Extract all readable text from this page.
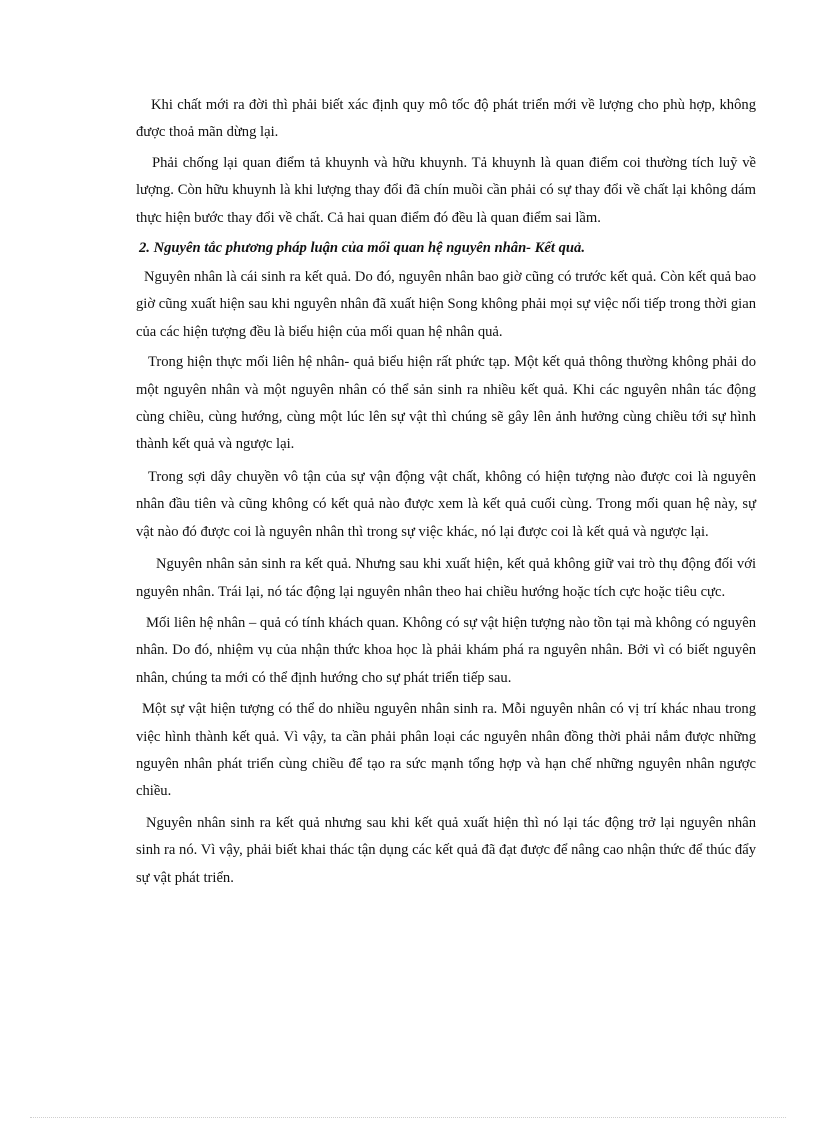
Khi chất mới ra đời thì phải biết xác định quy mô tốc độ phát triển mới về lượng cho phù hợp, không được thoả mãn dừng lại.

Phải chống lại quan điểm tả khuynh và hữu khuynh. Tả khuynh là quan điểm coi thường tích luỹ về lượng. Còn hữu khuynh là khi lượng thay đổi đã chín muồi cần phải có sự thay đổi về chất lại không dám thực hiện bước thay đổi về chất. Cả hai quan điểm đó đều là quan điểm sai lầm.

2. Nguyên tắc phương pháp luận của mối quan hệ nguyên nhân- Kết quả.

Nguyên nhân là cái sinh ra kết quả. Do đó, nguyên nhân bao giờ cũng có trước kết quả. Còn kết quả bao giờ cũng xuất hiện sau khi nguyên nhân đã xuất hiện Song không phải mọi sự việc nối tiếp trong thời gian của các hiện tượng đều là biểu hiện của mối quan hệ nhân quả.

Trong hiện thực mối liên hệ nhân- quả biểu hiện rất phức tạp. Một kết quả thông thường không phải do một nguyên nhân và một nguyên nhân có thể sản sinh ra nhiều kết quả. Khi các nguyên nhân tác động cùng chiều, cùng hướng, cùng một lúc lên sự vật thì chúng sẽ gây lên ảnh hưởng cùng chiều tới sự hình thành kết quả và ngược lại.

Trong sợi dây chuyền vô tận của sự vận động vật chất, không có hiện tượng nào được coi là nguyên nhân đầu tiên và cũng không có kết quả nào được xem là kết quả cuối cùng. Trong mối quan hệ này, sự vật nào đó được coi là nguyên nhân thì trong sự việc khác, nó lại được coi là kết quả và ngược lại.

Nguyên nhân sản sinh ra kết quả. Nhưng sau khi xuất hiện, kết quả không giữ vai trò thụ động đối với nguyên nhân. Trái lại, nó tác động lại nguyên nhân theo hai chiều hướng hoặc tích cực hoặc tiêu cực.

Mối liên hệ nhân – quả có tính khách quan. Không có sự vật hiện tượng nào tồn tại mà không có nguyên nhân. Do đó, nhiệm vụ của nhận thức khoa học là phải khám phá ra nguyên nhân. Bởi vì có biết nguyên nhân, chúng ta mới có thể định hướng cho sự phát triển tiếp sau.

Một sự vật hiện tượng có thể do nhiều nguyên nhân sinh ra. Mỗi nguyên nhân có vị trí khác nhau trong việc hình thành kết quả. Vì vậy, ta cần phải phân loại các nguyên nhân đồng thời phải nắm được những nguyên nhân phát triển cùng chiều để tạo ra sức mạnh tổng hợp và hạn chế những nguyên nhân ngược chiều.

Nguyên nhân sinh ra kết quả nhưng sau khi kết quả xuất hiện thì nó lại tác động trở lại nguyên nhân sinh ra nó. Vì vậy, phải biết khai thác tận dụng các kết quả đã đạt được để nâng cao nhận thức để thúc đẩy sự vật phát triển.
